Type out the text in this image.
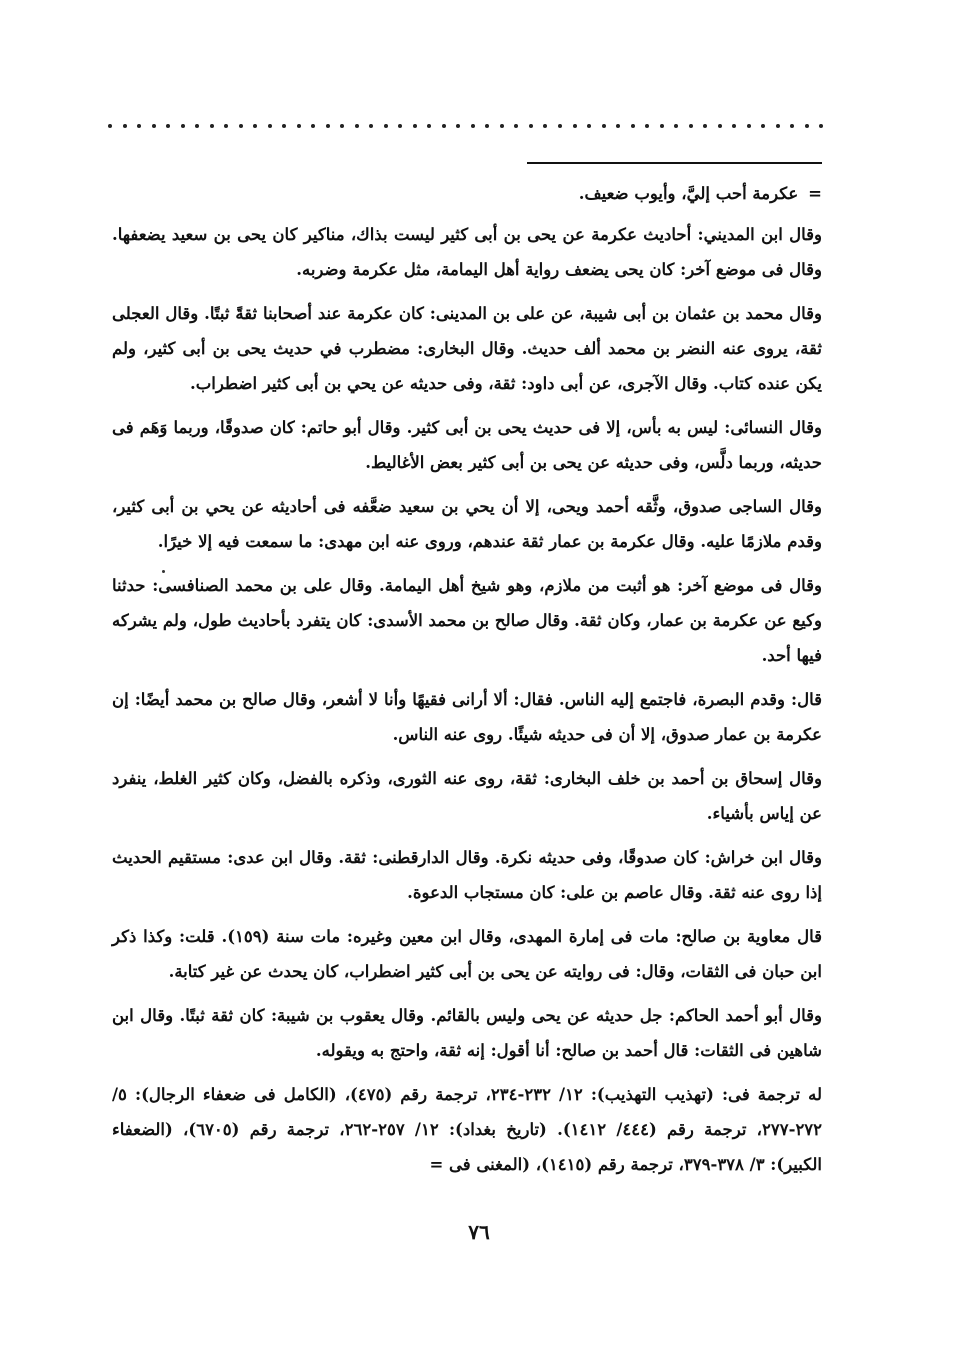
=عكرمة أحب إليَّ، وأيوب ضعيف.

وقال ابن المديني: أحاديث عكرمة عن يحى بن أبى كثير ليست بذاك، مناكير كان يحى بن سعيد يضعفها. وقال فى موضع آخر: كان يحى يضعف رواية أهل اليمامة، مثل عكرمة وضربه.

وقال محمد بن عثمان بن أبى شيبة، عن على بن المدينى: كان عكرمة عند أصحابنا ثقةً ثبتًا. وقال العجلى ثقة، يروى عنه النضر بن محمد ألف حديث. وقال البخارى: مضطرب في حديث يحى بن أبى كثير، ولم يكن عنده كتاب. وقال الآجرى، عن أبى داود: ثقة، وفى حديثه عن يحي بن أبى كثير اضطراب.

وقال النسائى: ليس به بأس، إلا فى حديث يحى بن أبى كثير. وقال أبو حاتم: كان صدوقًا، وربما وَهَم فى حديثه، وربما دلَّس، وفى حديثه عن يحى بن أبى كثير بعض الأغاليط.

وقال الساجى صدوق، وثَّقه أحمد ويحى، إلا أن يحي بن سعيد ضعَّفه فى أحاديثه عن يحي بن أبى كثير، وقدم ملازمًا عليه. وقال عكرمة بن عمار ثقة عندهم، وروى عنه ابن مهدى: ما سمعت فيه إلا خيرًا.

وقال فى موضع آخر: هو أثبت من ملازم، وهو شيخ أهل اليمامة. وقال على بن محمد الصنافسى: حدثنا وكيع عن عكرمة بن عمار، وكان ثقة. وقال صالح بن محمد الأسدى: كان يتفرد بأحاديث طول، ولم يشركه فيها أحد.

قال: وقدم البصرة، فاجتمع إليه الناس. فقال: ألا أرانى فقيهًا وأنا لا أشعر، وقال صالح بن محمد أيضًا: إن عكرمة بن عمار صدوق، إلا أن فى حديثه شيئًا. روى عنه الناس.

وقال إسحاق بن أحمد بن خلف البخارى: ثقة، روى عنه الثورى، وذكره بالفضل، وكان كثير الغلط، ينفرد عن إياس بأشياء.

وقال ابن خراش: كان صدوقًا، وفى حديثه نكرة. وقال الدارقطنى: ثقة. وقال ابن عدى: مستقيم الحديث إذا روى عنه ثقة. وقال عاصم بن على: كان مستجاب الدعوة.

قال معاوية بن صالح: مات فى إمارة المهدى، وقال ابن معين وغيره: مات سنة (١٥٩). قلت: وكذا ذكر ابن حبان فى الثقات، وقال: فى روايته عن يحى بن أبى كثير اضطراب، كان يحدث عن غير كتابة.

وقال أبو أحمد الحاكم: جل حديثه عن يحى وليس بالقائم. وقال يعقوب بن شيبة: كان ثقة ثبتًا. وقال ابن شاهين فى الثقات: قال أحمد بن صالح: أنا أقول: إنه ثقة، واحتج به ويقوله.

له ترجمة فى: (تهذيب التهذيب): ١٢/ ٢٣٢-٢٣٤، ترجمة رقم (٤٧٥)، (الكامل فى ضعفاء الرجال): ٥/ ٢٧٢-٢٧٧، ترجمة رقم (٤٤٤/ ١٤١٢). (تاريخ بغداد): ١٢/ ٢٥٧-٢٦٢، ترجمة رقم (٦٧٠٥)، (الضعفاء الكبير): ٣/ ٣٧٨-٣٧٩، ترجمة رقم (١٤١٥)، (المغنى فى =

٧٦
